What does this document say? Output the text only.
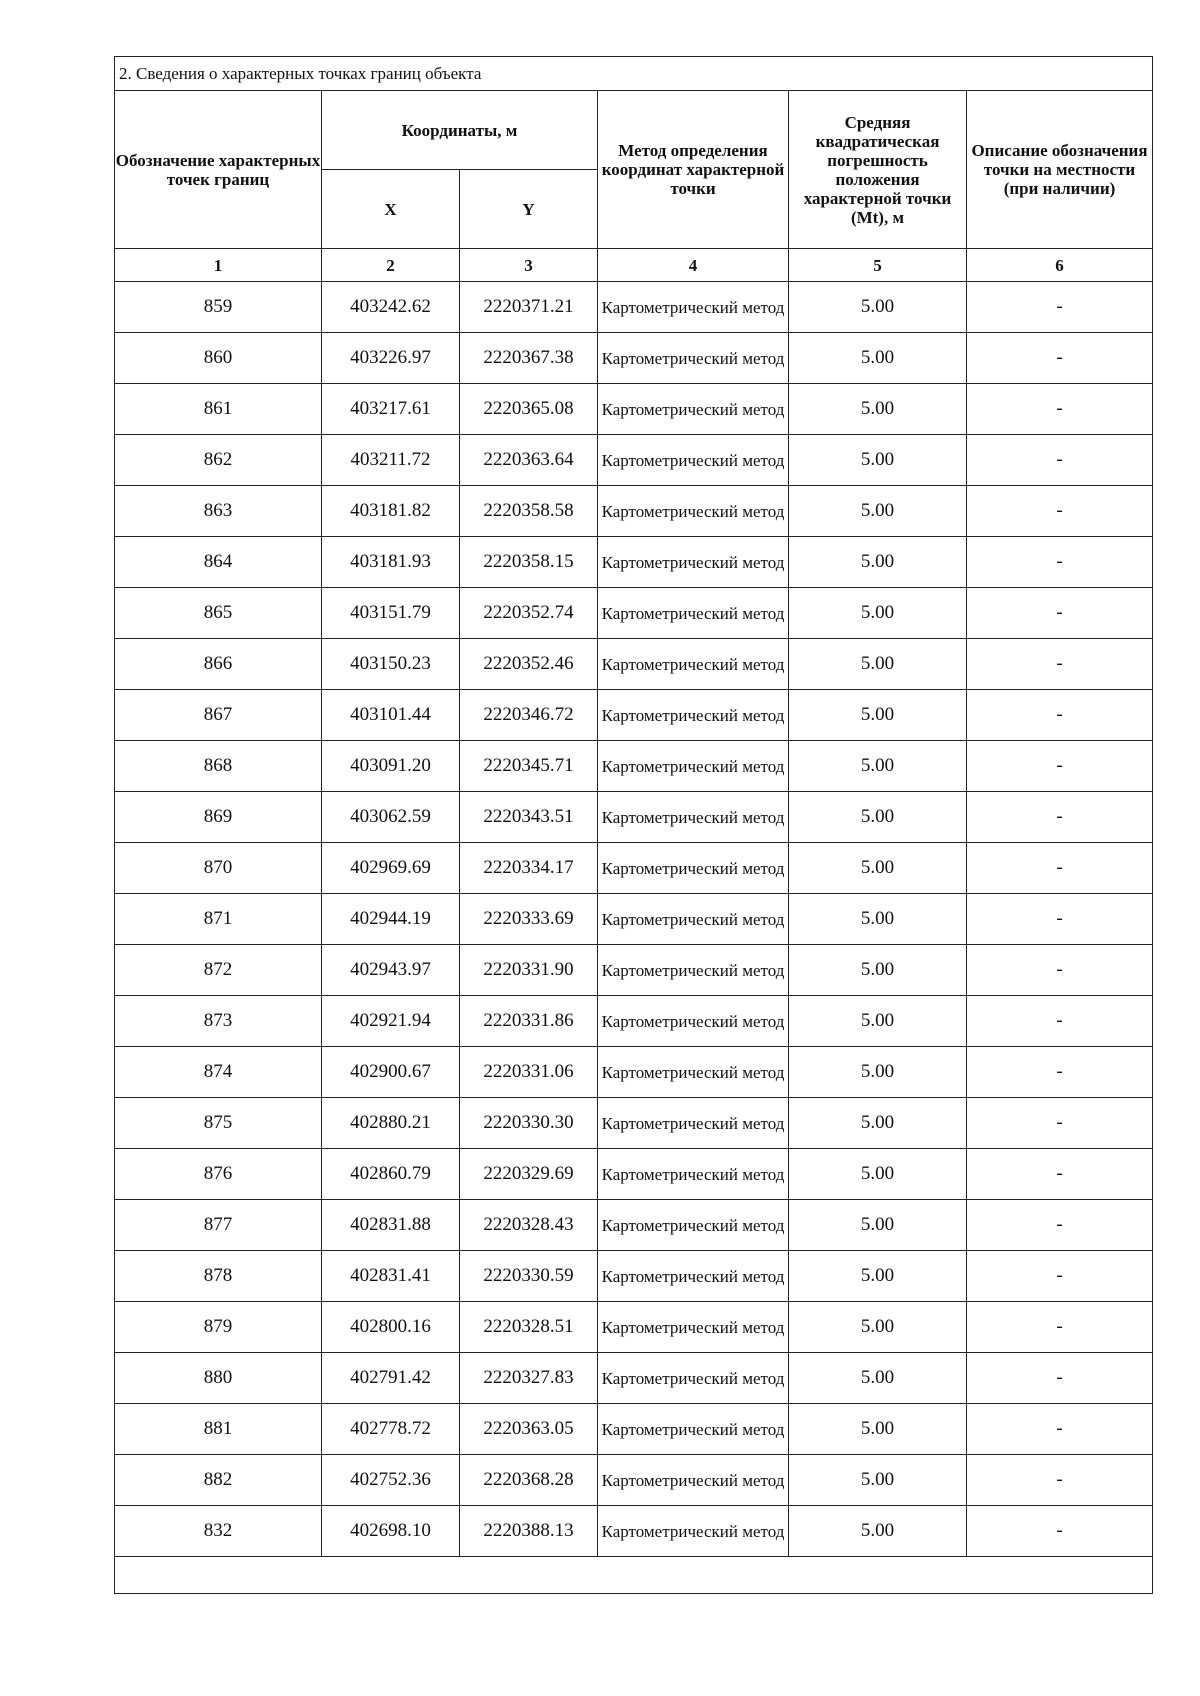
2. Сведения о характерных точках границ объекта					
Обозначение характерных точек границ	Координаты, м		Метод определения координат характерной точки	Средняя квадратическая погрешность положения характерной точки (Mt), м	Описание обозначения точки на местности (при наличии)
	X	Y			
1	2	3	4	5	6
859	403242.62	2220371.21	Картометрический метод	5.00	-
860	403226.97	2220367.38	Картометрический метод	5.00	-
861	403217.61	2220365.08	Картометрический метод	5.00	-
862	403211.72	2220363.64	Картометрический метод	5.00	-
863	403181.82	2220358.58	Картометрический метод	5.00	-
864	403181.93	2220358.15	Картометрический метод	5.00	-
865	403151.79	2220352.74	Картометрический метод	5.00	-
866	403150.23	2220352.46	Картометрический метод	5.00	-
867	403101.44	2220346.72	Картометрический метод	5.00	-
868	403091.20	2220345.71	Картометрический метод	5.00	-
869	403062.59	2220343.51	Картометрический метод	5.00	-
870	402969.69	2220334.17	Картометрический метод	5.00	-
871	402944.19	2220333.69	Картометрический метод	5.00	-
872	402943.97	2220331.90	Картометрический метод	5.00	-
873	402921.94	2220331.86	Картометрический метод	5.00	-
874	402900.67	2220331.06	Картометрический метод	5.00	-
875	402880.21	2220330.30	Картометрический метод	5.00	-
876	402860.79	2220329.69	Картометрический метод	5.00	-
877	402831.88	2220328.43	Картометрический метод	5.00	-
878	402831.41	2220330.59	Картометрический метод	5.00	-
879	402800.16	2220328.51	Картометрический метод	5.00	-
880	402791.42	2220327.83	Картометрический метод	5.00	-
881	402778.72	2220363.05	Картометрический метод	5.00	-
882	402752.36	2220368.28	Картометрический метод	5.00	-
832	402698.10	2220388.13	Картометрический метод	5.00	-
